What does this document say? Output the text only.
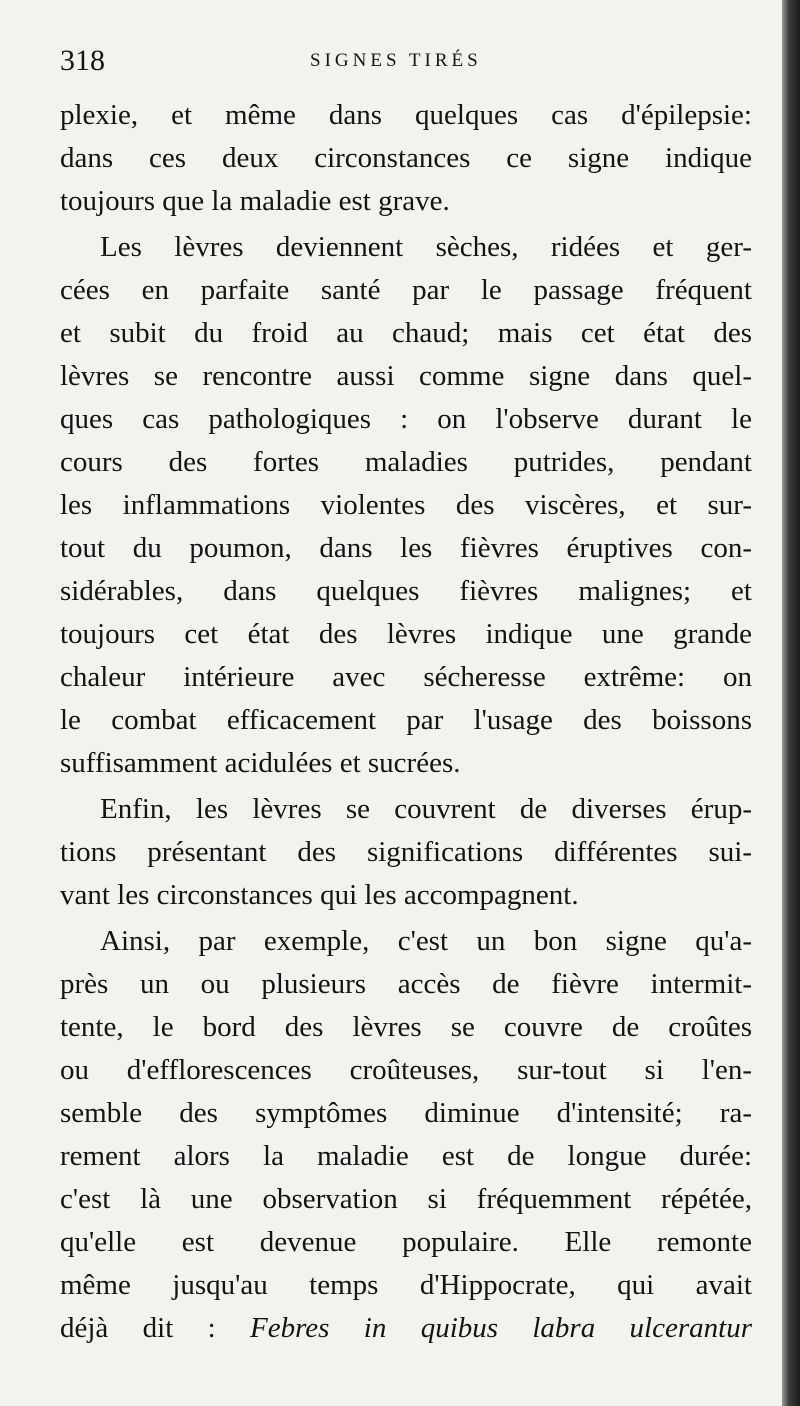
318	SIGNES TIRÉS
plexie, et même dans quelques cas d'épilepsie:
dans ces deux circonstances ce signe indique
toujours que la maladie est grave.
Les lèvres deviennent sèches, ridées et ger-
cées en parfaite santé par le passage fréquent
et subit du froid au chaud; mais cet état des
lèvres se rencontre aussi comme signe dans quel-
ques cas pathologiques : on l'observe durant le
cours des fortes maladies putrides, pendant
les inflammations violentes des viscères, et sur-
tout du poumon, dans les fièvres éruptives con-
sidérables, dans quelques fièvres malignes; et
toujours cet état des lèvres indique une grande
chaleur intérieure avec sécheresse extrême: on
le combat efficacement par l'usage des boissons
suffisamment acidulées et sucrées.
Enfin, les lèvres se couvrent de diverses érup-
tions présentant des significations différentes sui-
vant les circonstances qui les accompagnent.
Ainsi, par exemple, c'est un bon signe qu'a-
près un ou plusieurs accès de fièvre intermit-
tente, le bord des lèvres se couvre de croûtes
ou d'efflorescences croûteuses, sur-tout si l'en-
semble des symptômes diminue d'intensité; ra-
rement alors la maladie est de longue durée:
c'est là une observation si fréquemment répétée,
qu'elle est devenue populaire. Elle remonte
même jusqu'au temps d'Hippocrate, qui avait
déjà dit : Febres in quibus labra ulcerantur
